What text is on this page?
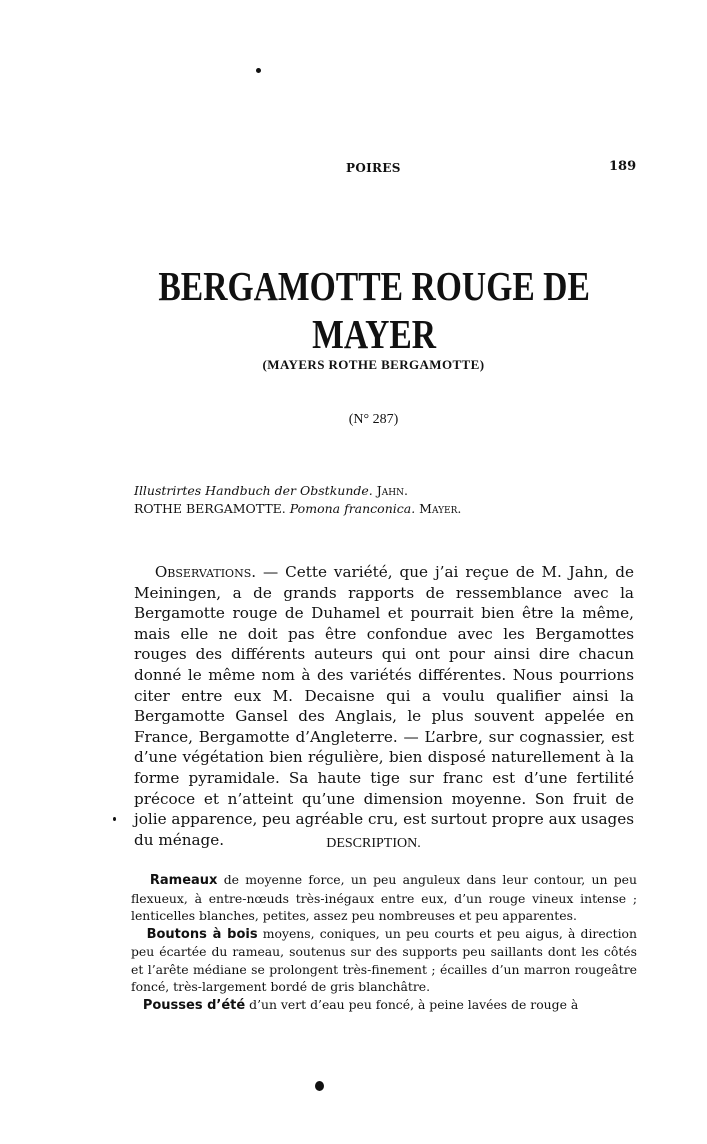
POIRES	189
BERGAMOTTE ROUGE DE MAYER
(MAYERS ROTHE BERGAMOTTE)
(N° 287)
Illustrirtes Handbuch der Obstkunde. Jahn.
ROTHE BERGAMOTTE. Pomona franconica. Mayer.

Observations. — Cette variété, que j’ai reçue de M. Jahn, de Meiningen, a de grands rapports de ressemblance avec la Bergamotte rouge de Duhamel et pourrait bien être la même, mais elle ne doit pas être confondue avec les Bergamottes rouges des différents auteurs qui ont pour ainsi dire chacun donné le même nom à des variétés différentes. Nous pourrions citer entre eux M. Decaisne qui a voulu qualifier ainsi la Bergamotte Gansel des Anglais, le plus souvent appelée en France, Bergamotte d’Angleterre. — L’arbre, sur cognassier, est d’une végétation bien régulière, bien disposé naturellement à la forme pyramidale. Sa haute tige sur franc est d’une fertilité précoce et n’atteint qu’une dimension moyenne. Son fruit de jolie apparence, peu agréable cru, est surtout propre aux usages du ménage.	DESCRIPTION.

Rameaux de moyenne force, un peu anguleux dans leur contour, un peu flexueux, à entre-nœuds très-inégaux entre eux, d’un rouge vineux intense ; lenticelles blanches, petites, assez peu nombreuses et peu apparentes.

Boutons à bois moyens, coniques, un peu courts et peu aigus, à direction peu écartée du rameau, soutenus sur des supports peu saillants dont les côtés et l’arête médiane se prolongent très-finement ; écailles d’un marron rougeâtre foncé, très-largement bordé de gris blanchâtre.

Pousses d’été d’un vert d’eau peu foncé, à peine lavées de rouge à
